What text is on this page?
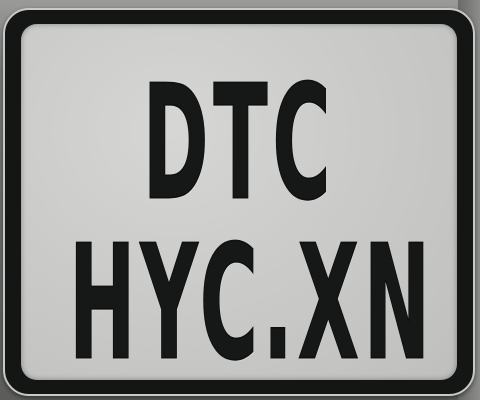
DTC
HYC.XN
